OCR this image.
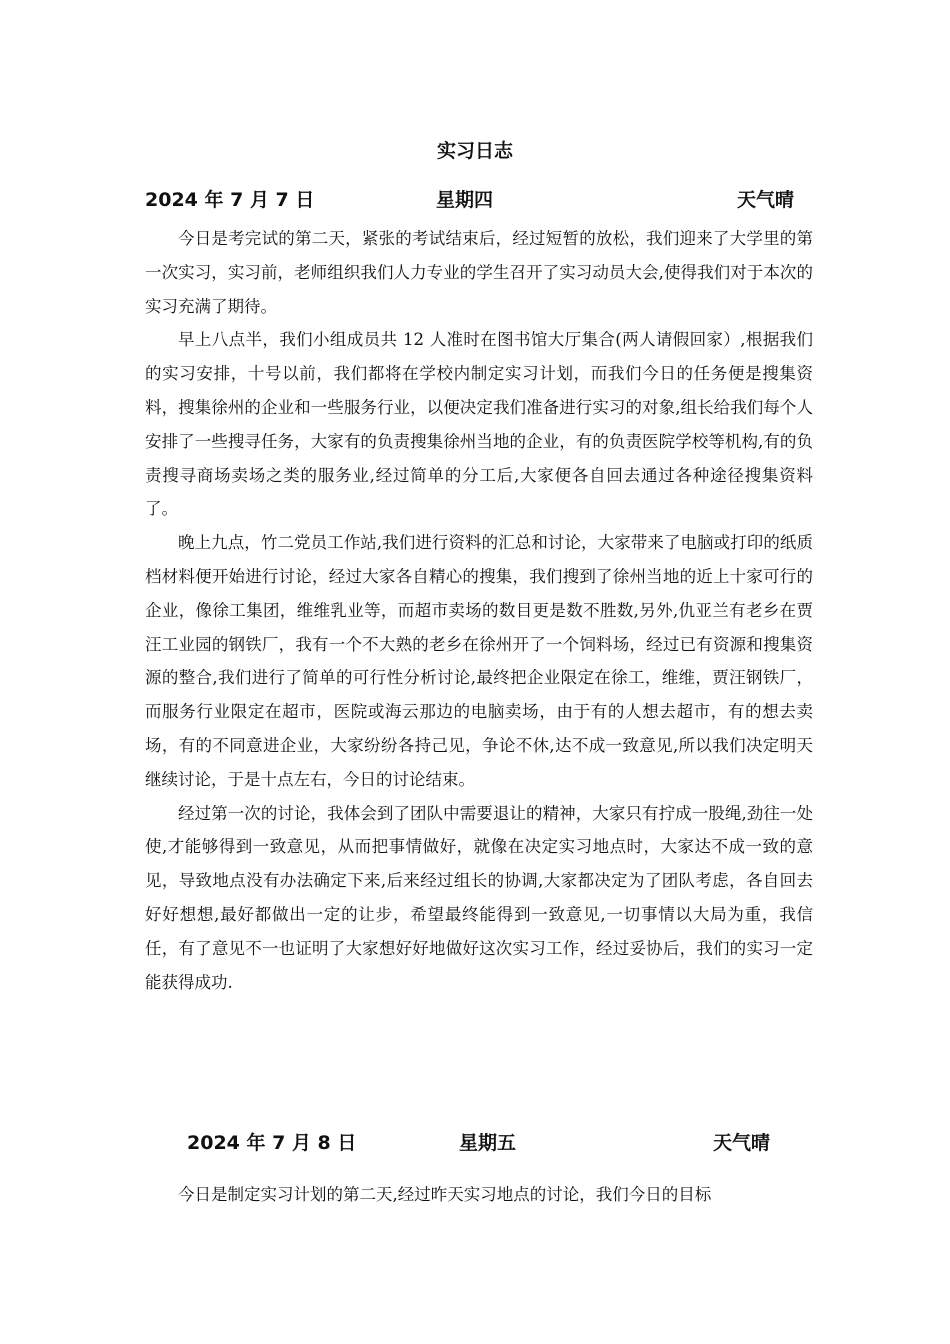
实习日志
2024 年 7 月 7 日	星期四	天气晴

今日是考完试的第二天，紧张的考试结束后，经过短暂的放松，我们迎来了大学里的第一次实习，实习前，老师组织我们人力专业的学生召开了实习动员大会,使得我们对于本次的实习充满了期待。

早上八点半，我们小组成员共 12 人准时在图书馆大厅集合(两人请假回家）,根据我们的实习安排，十号以前，我们都将在学校内制定实习计划，而我们今日的任务便是搜集资料，搜集徐州的企业和一些服务行业，以便决定我们准备进行实习的对象,组长给我们每个人安排了一些搜寻任务，大家有的负责搜集徐州当地的企业，有的负责医院学校等机构,有的负责搜寻商场卖场之类的服务业,经过简单的分工后,大家便各自回去通过各种途径搜集资料了。

晚上九点，竹二党员工作站,我们进行资料的汇总和讨论，大家带来了电脑或打印的纸质档材料便开始进行讨论，经过大家各自精心的搜集，我们搜到了徐州当地的近上十家可行的企业，像徐工集团，维维乳业等，而超市卖场的数目更是数不胜数,另外,仇亚兰有老乡在贾汪工业园的钢铁厂，我有一个不大熟的老乡在徐州开了一个饲料场，经过已有资源和搜集资源的整合,我们进行了简单的可行性分析讨论,最终把企业限定在徐工，维维，贾汪钢铁厂，而服务行业限定在超市，医院或海云那边的电脑卖场，由于有的人想去超市，有的想去卖场，有的不同意进企业，大家纷纷各持己见，争论不休,达不成一致意见,所以我们决定明天继续讨论，于是十点左右，今日的讨论结束。

经过第一次的讨论，我体会到了团队中需要退让的精神，大家只有拧成一股绳,劲往一处使,才能够得到一致意见，从而把事情做好，就像在决定实习地点时，大家达不成一致的意见，导致地点没有办法确定下来,后来经过组长的协调,大家都决定为了团队考虑，各自回去好好想想,最好都做出一定的让步，希望最终能得到一致意见,一切事情以大局为重，我信任，有了意见不一也证明了大家想好好地做好这次实习工作，经过妥协后，我们的实习一定能获得成功.

2024 年 7 月 8 日	星期五	天气晴

今日是制定实习计划的第二天,经过昨天实习地点的讨论，我们今日的目标
